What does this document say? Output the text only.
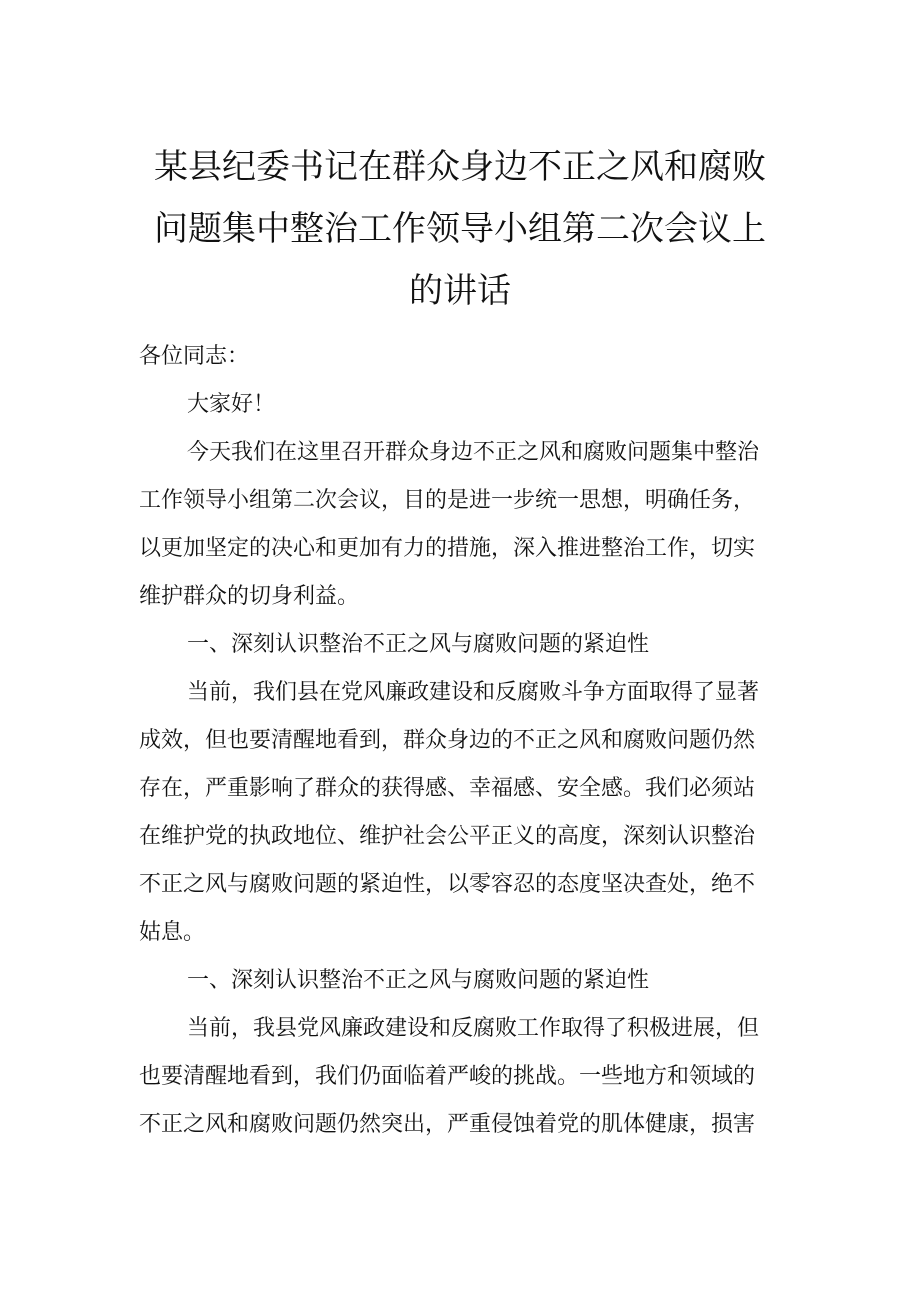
某县纪委书记在群众身边不正之风和腐败
问题集中整治工作领导小组第二次会议上
的讲话
各位同志：
大家好！
今天我们在这里召开群众身边不正之风和腐败问题集中整治
工作领导小组第二次会议，目的是进一步统一思想，明确任务，
以更加坚定的决心和更加有力的措施，深入推进整治工作，切实
维护群众的切身利益。
一、深刻认识整治不正之风与腐败问题的紧迫性
当前，我们县在党风廉政建设和反腐败斗争方面取得了显著
成效，但也要清醒地看到，群众身边的不正之风和腐败问题仍然
存在，严重影响了群众的获得感、幸福感、安全感。我们必须站
在维护党的执政地位、维护社会公平正义的高度，深刻认识整治
不正之风与腐败问题的紧迫性，以零容忍的态度坚决查处，绝不
姑息。
一、深刻认识整治不正之风与腐败问题的紧迫性
当前，我县党风廉政建设和反腐败工作取得了积极进展，但
也要清醒地看到，我们仍面临着严峻的挑战。一些地方和领域的
不正之风和腐败问题仍然突出，严重侵蚀着党的肌体健康，损害
